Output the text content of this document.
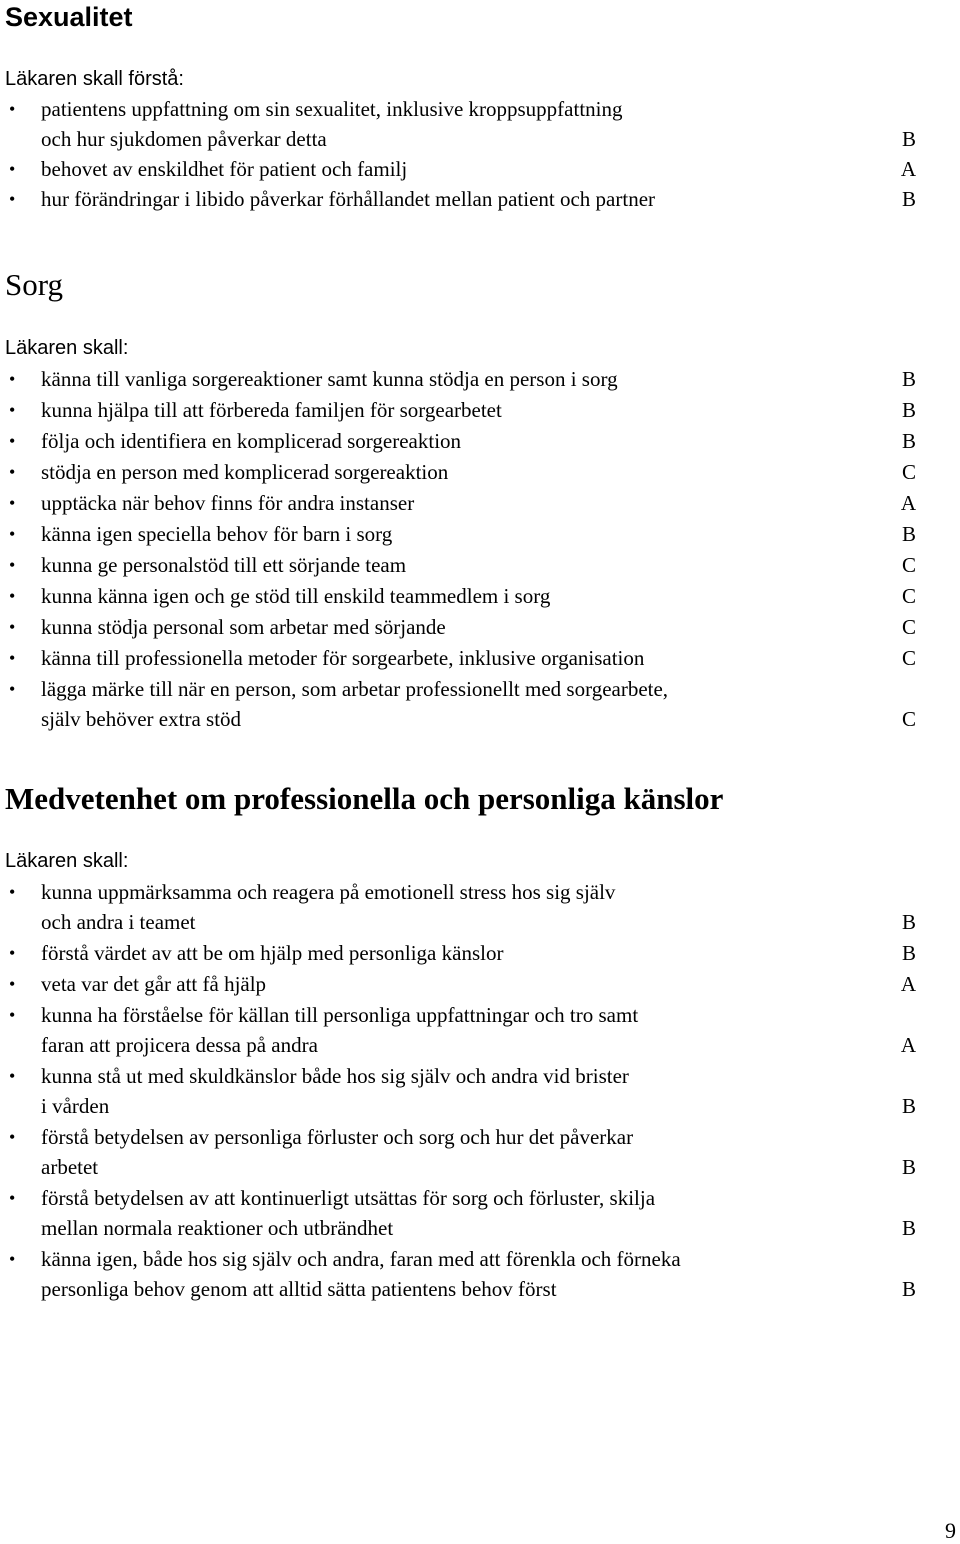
Sexualitet

Läkaren skall förstå:

• patientens uppfattning om sin sexualitet, inklusive kroppsuppfattning
och hur sjukdomen påverkar detta	B
• behovet av enskildhet för patient och familj	A
• hur förändringar i libido påverkar förhållandet mellan patient och partner	B
Sorg

Läkaren skall:

• känna till vanliga sorgereaktioner samt kunna stödja en person i sorg	B
• kunna hjälpa till att förbereda familjen för sorgearbetet	B
• följa och identifiera en komplicerad sorgereaktion	B
• stödja en person med komplicerad sorgereaktion	C
• upptäcka när behov finns för andra instanser	A
• känna igen speciella behov för barn i sorg	B
• kunna ge personalstöd till ett sörjande team	C
• kunna känna igen och ge stöd till enskild teammedlem i sorg	C
• kunna stödja personal som arbetar med sörjande	C
• känna till professionella metoder för sorgearbete, inklusive organisation	C
• lägga märke till när en person, som arbetar professionellt med sorgearbete,
själv behöver extra stöd	C
Medvetenhet om professionella och personliga känslor

Läkaren skall:

• kunna uppmärksamma och reagera på emotionell stress hos sig själv
och andra i teamet	B
• förstå värdet av att be om hjälp med personliga känslor	B
• veta var det går att få hjälp	A
• kunna ha förståelse för källan till personliga uppfattningar och tro samt
faran att projicera dessa på andra	A
• kunna stå ut med skuldkänslor både hos sig själv och andra vid brister
i vården	B
• förstå betydelsen av personliga förluster och sorg och hur det påverkar
arbetet	B
• förstå betydelsen av att kontinuerligt utsättas för sorg och förluster, skilja
mellan normala reaktioner och utbrändhet	B
• känna igen, både hos sig själv och andra, faran med att förenkla och förneka
personliga behov genom att alltid sätta patientens behov först	B
9
